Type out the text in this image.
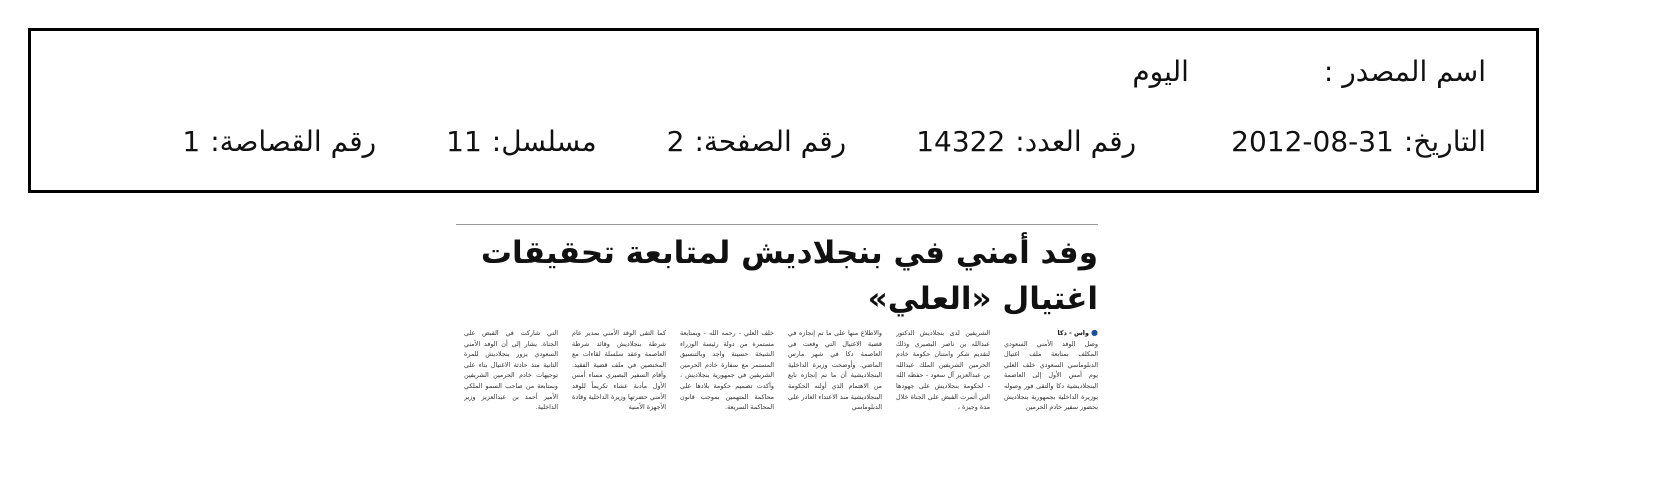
اسم المصدر :
اليوم
التاريخ:
2012-08-31
رقم العدد:
14322
رقم الصفحة:
2
مسلسل:
11
رقم القصاصة:
1
وفد أمني في بنجلاديش لمتابعة تحقيقات اغتيال «العلي»
● واس - دكا
وصل الوفد الأمني السعودي المكلف بمتابعة ملف اغتيال الدبلوماسي السعودي خلف العلي يوم أمس الأول إلى العاصمة البنجلاديشية دكا والتقى فور وصوله بوزيرة الداخلية بجمهورية بنجلاديش بحضور سفير خادم الحرمين
الشريفين لدى بنجلاديش الدكتور عبدالله بن ناصر البصيري وذلك لتقديم شكر وامتنان حكومة خادم الحرمين الشريفين الملك عبدالله بن عبدالعزيز آل سعود - حفظه الله - لحكومة بنجلاديش على جهودها التي أثمرت القبض على الجناة خلال مدة وجيزة ،
والاطلاع منها على ما تم إنجازه في قضية الاغتيال التي وقعت في العاصمة دكا في شهر مارس الماضي. وأوضحت وزيرة الداخلية البنجلاديشية أن ما تم إنجازه نابع من الاهتمام الذي أولته الحكومة البنجلاديشية منذ الاعتداء الغادر على الدبلوماسي
خلف العلي - رحمه الله - وبمتابعة مستمرة من دولة رئيسة الوزراء الشيخة حسينة واجد وبالتنسيق المستمر مع سفارة خادم الحرمين الشريفين في جمهورية بنجلاديش ، وأكدت تصميم حكومة بلادها على محاكمة المتهمين بموجب قانون المحاكمة السريعة.
كما التقى الوفد الأمني بمدير عام شرطة بنجلاديش وقائد شرطة العاصمة وعقد سلسلة لقاءات مع المختصين في ملف قضية الفقيد. وأقام السفير البصيري مساء أمس الأول مأدبة عشاء تكريماً للوفد الأمني حضرتها وزيرة الداخلية وقادة الأجهزة الأمنية
التي شاركت في القبض على الجناة. يشار إلى أن الوفد الأمني السعودي يزور بنجلاديش للمرة الثانية منذ حادثة الاغتيال بناء على توجيهات خادم الحرمين الشريفين وبمتابعة من صاحب السمو الملكي الأمير أحمد بن عبدالعزيز وزير الداخلية.
